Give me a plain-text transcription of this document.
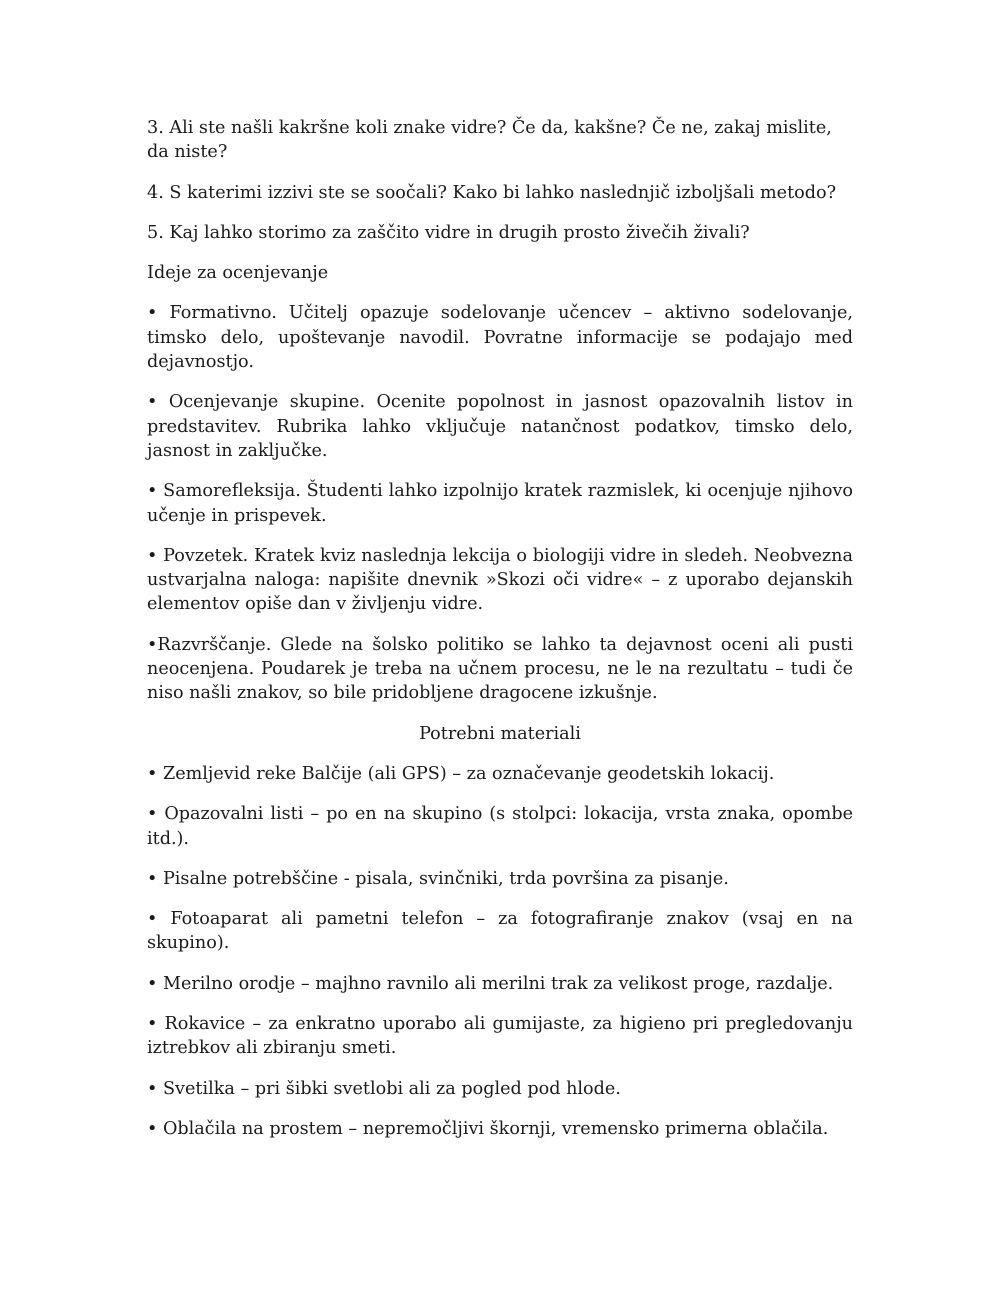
3. Ali ste našli kakršne koli znake vidre? Če da, kakšne? Če ne, zakaj mislite, da niste?

4. S katerimi izzivi ste se soočali? Kako bi lahko naslednjič izboljšali metodo?

5. Kaj lahko storimo za zaščito vidre in drugih prosto živečih živali?

Ideje za ocenjevanje

• Formativno. Učitelj opazuje sodelovanje učencev – aktivno sodelovanje, timsko delo, upoštevanje navodil. Povratne informacije se podajajo med dejavnostjo.

• Ocenjevanje skupine. Ocenite popolnost in jasnost opazovalnih listov in predstavitev. Rubrika lahko vključuje natančnost podatkov, timsko delo, jasnost in zaključke.

• Samorefleksija. Študenti lahko izpolnijo kratek razmislek, ki ocenjuje njihovo učenje in prispevek.

• Povzetek. Kratek kviz naslednja lekcija o biologiji vidre in sledeh. Neobvezna ustvarjalna naloga: napišite dnevnik »Skozi oči vidre« – z uporabo dejanskih elementov opiše dan v življenju vidre.

•Razvrščanje. Glede na šolsko politiko se lahko ta dejavnost oceni ali pusti neocenjena. Poudarek je treba na učnem procesu, ne le na rezultatu – tudi če niso našli znakov, so bile pridobljene dragocene izkušnje.

Potrebni materiali

• Zemljevid reke Balčije (ali GPS) – za označevanje geodetskih lokacij.

• Opazovalni listi – po en na skupino (s stolpci: lokacija, vrsta znaka, opombe itd.).

• Pisalne potrebščine - pisala, svinčniki, trda površina za pisanje.

• Fotoaparat ali pametni telefon – za fotografiranje znakov (vsaj en na skupino).

• Merilno orodje – majhno ravnilo ali merilni trak za velikost proge, razdalje.

• Rokavice – za enkratno uporabo ali gumijaste, za higieno pri pregledovanju iztrebkov ali zbiranju smeti.

• Svetilka – pri šibki svetlobi ali za pogled pod hlode.

• Oblačila na prostem – nepremočljivi škornji, vremensko primerna oblačila.
